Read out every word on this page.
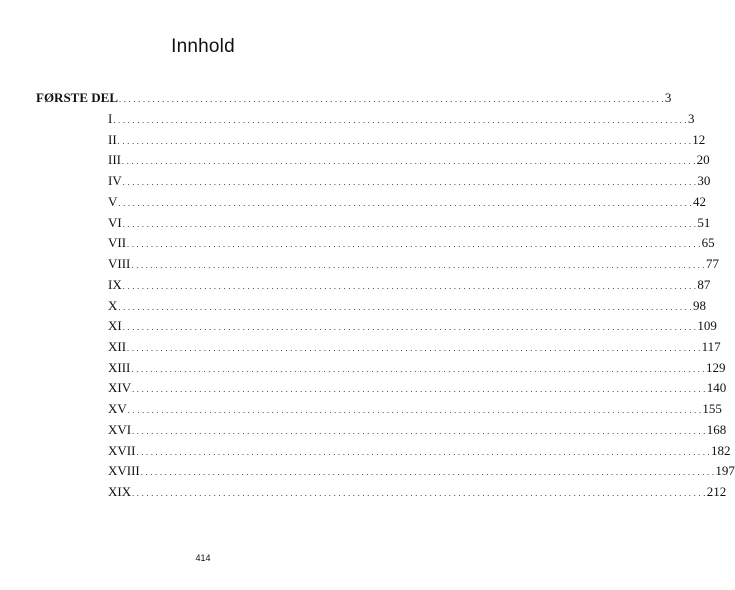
Innhold
FØRSTE DEL . . . . . . . . . . . . . . . . . . . . . . . . . . . . . . . . . . . . . . . . . . . . . . . . . . . . . . . . . . . . . . . . . . . . . . . . . . . . . . . . . . . . . . . . . . . . . . . . . . . . . . . . . . . . . . . . . . 3
I . . . . . . . . . . . . . . . . . . . . . . . . . . . . . . . . . . . . . . . . . . . . . . . . . . . . . . . . . . . . . . . . . . . . . . . . . . . . . . . . . . . . . . . . . . . . . . . . . . . . . . . . . . . . . . . . . . . . . . . . 3
II . . . . . . . . . . . . . . . . . . . . . . . . . . . . . . . . . . . . . . . . . . . . . . . . . . . . . . . . . . . . . . . . . . . . . . . . . . . . . . . . . . . . . . . . . . . . . . . . . . . . . . . . . . . . . . . . . . . . . . . . 12
III . . . . . . . . . . . . . . . . . . . . . . . . . . . . . . . . . . . . . . . . . . . . . . . . . . . . . . . . . . . . . . . . . . . . . . . . . . . . . . . . . . . . . . . . . . . . . . . . . . . . . . . . . . . . . . . . . . . . . . . . 20
IV . . . . . . . . . . . . . . . . . . . . . . . . . . . . . . . . . . . . . . . . . . . . . . . . . . . . . . . . . . . . . . . . . . . . . . . . . . . . . . . . . . . . . . . . . . . . . . . . . . . . . . . . . . . . . . . . . . . . . . . . 30
V . . . . . . . . . . . . . . . . . . . . . . . . . . . . . . . . . . . . . . . . . . . . . . . . . . . . . . . . . . . . . . . . . . . . . . . . . . . . . . . . . . . . . . . . . . . . . . . . . . . . . . . . . . . . . . . . . . . . . . . . 42
VI . . . . . . . . . . . . . . . . . . . . . . . . . . . . . . . . . . . . . . . . . . . . . . . . . . . . . . . . . . . . . . . . . . . . . . . . . . . . . . . . . . . . . . . . . . . . . . . . . . . . . . . . . . . . . . . . . . . . . . . . 51
VII . . . . . . . . . . . . . . . . . . . . . . . . . . . . . . . . . . . . . . . . . . . . . . . . . . . . . . . . . . . . . . . . . . . . . . . . . . . . . . . . . . . . . . . . . . . . . . . . . . . . . . . . . . . . . . . . . . . . . . . . 65
VIII . . . . . . . . . . . . . . . . . . . . . . . . . . . . . . . . . . . . . . . . . . . . . . . . . . . . . . . . . . . . . . . . . . . . . . . . . . . . . . . . . . . . . . . . . . . . . . . . . . . . . . . . . . . . . . . . . . . . . . . . 77
IX . . . . . . . . . . . . . . . . . . . . . . . . . . . . . . . . . . . . . . . . . . . . . . . . . . . . . . . . . . . . . . . . . . . . . . . . . . . . . . . . . . . . . . . . . . . . . . . . . . . . . . . . . . . . . . . . . . . . . . . . 87
X . . . . . . . . . . . . . . . . . . . . . . . . . . . . . . . . . . . . . . . . . . . . . . . . . . . . . . . . . . . . . . . . . . . . . . . . . . . . . . . . . . . . . . . . . . . . . . . . . . . . . . . . . . . . . . . . . . . . . . . . 98
XI . . . . . . . . . . . . . . . . . . . . . . . . . . . . . . . . . . . . . . . . . . . . . . . . . . . . . . . . . . . . . . . . . . . . . . . . . . . . . . . . . . . . . . . . . . . . . . . . . . . . . . . . . . . . . . . . . . . . . . . . 109
XII . . . . . . . . . . . . . . . . . . . . . . . . . . . . . . . . . . . . . . . . . . . . . . . . . . . . . . . . . . . . . . . . . . . . . . . . . . . . . . . . . . . . . . . . . . . . . . . . . . . . . . . . . . . . . . . . . . . . . . . . 117
XIII . . . . . . . . . . . . . . . . . . . . . . . . . . . . . . . . . . . . . . . . . . . . . . . . . . . . . . . . . . . . . . . . . . . . . . . . . . . . . . . . . . . . . . . . . . . . . . . . . . . . . . . . . . . . . . . . . . . . . . . . 129
XIV . . . . . . . . . . . . . . . . . . . . . . . . . . . . . . . . . . . . . . . . . . . . . . . . . . . . . . . . . . . . . . . . . . . . . . . . . . . . . . . . . . . . . . . . . . . . . . . . . . . . . . . . . . . . . . . . . . . . . . . . 140
XV . . . . . . . . . . . . . . . . . . . . . . . . . . . . . . . . . . . . . . . . . . . . . . . . . . . . . . . . . . . . . . . . . . . . . . . . . . . . . . . . . . . . . . . . . . . . . . . . . . . . . . . . . . . . . . . . . . . . . . . . 155
XVI . . . . . . . . . . . . . . . . . . . . . . . . . . . . . . . . . . . . . . . . . . . . . . . . . . . . . . . . . . . . . . . . . . . . . . . . . . . . . . . . . . . . . . . . . . . . . . . . . . . . . . . . . . . . . . . . . . . . . . . . 168
XVII . . . . . . . . . . . . . . . . . . . . . . . . . . . . . . . . . . . . . . . . . . . . . . . . . . . . . . . . . . . . . . . . . . . . . . . . . . . . . . . . . . . . . . . . . . . . . . . . . . . . . . . . . . . . . . . . . . . . . . . . 182
XVIII . . . . . . . . . . . . . . . . . . . . . . . . . . . . . . . . . . . . . . . . . . . . . . . . . . . . . . . . . . . . . . . . . . . . . . . . . . . . . . . . . . . . . . . . . . . . . . . . . . . . . . . . . . . . . . . . . . . . . . . . 197
XIX . . . . . . . . . . . . . . . . . . . . . . . . . . . . . . . . . . . . . . . . . . . . . . . . . . . . . . . . . . . . . . . . . . . . . . . . . . . . . . . . . . . . . . . . . . . . . . . . . . . . . . . . . . . . . . . . . . . . . . . . 212
414
